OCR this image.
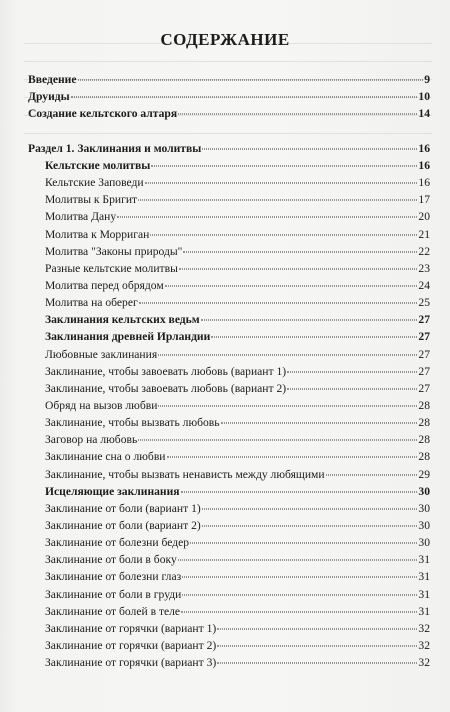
СОДЕРЖАНИЕ
Введение	9
Друиды	10
Создание кельтского алтаря	14
Раздел 1. Заклинания и молитвы	16
Кельтские молитвы	16
Кельтские Заповеди	16
Молитвы к Бригит	17
Молитва Дану	20
Молитва к Морриган	21
Молитва "Законы природы"	22
Разные кельтские молитвы	23
Молитва перед обрядом	24
Молитва на оберег	25
Заклинания кельтских ведьм	27
Заклинания древней Ирландии	27
Любовные заклинания	27
Заклинание, чтобы завоевать любовь (вариант 1)	27
Заклинание, чтобы завоевать любовь (вариант 2)	27
Обряд на вызов любви	28
Заклинание, чтобы вызвать любовь	28
Заговор на любовь	28
Заклинание сна о любви	28
Заклинание, чтобы вызвать ненависть между любящими	29
Исцеляющие заклинания	30
Заклинание от боли (вариант 1)	30
Заклинание от боли (вариант 2)	30
Заклинание от болезни бедер	30
Заклинание от боли в боку	31
Заклинание от болезни глаз	31
Заклинание от боли в груди	31
Заклинание от болей в теле	31
Заклинание от горячки (вариант 1)	32
Заклинание от горячки (вариант 2)	32
Заклинание от горячки (вариант 3)	32
